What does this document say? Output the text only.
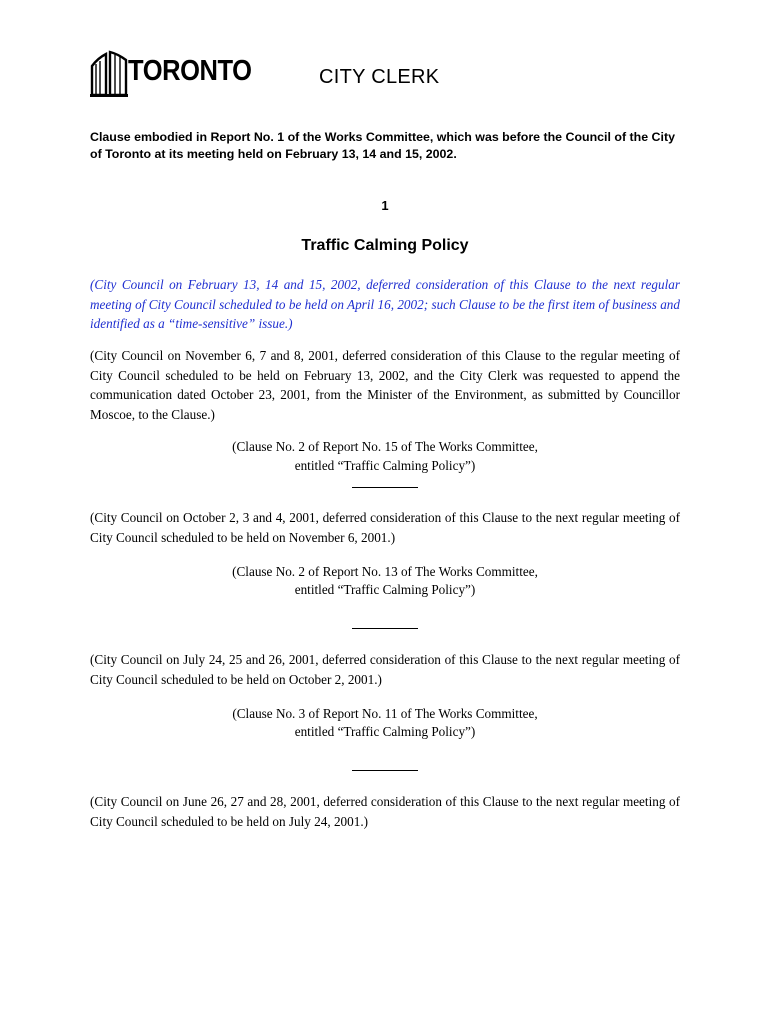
TORONTO	CITY CLERK

Clause embodied in Report No. 1 of the Works Committee, which was before the Council of the City of Toronto at its meeting held on February 13, 14 and 15, 2002.

1
Traffic Calming Policy

(City Council on February 13, 14 and 15, 2002, deferred consideration of this Clause to the next regular meeting of City Council scheduled to be held on April 16, 2002; such Clause to be the first item of business and identified as a “time-sensitive” issue.)

(City Council on November 6, 7 and 8, 2001, deferred consideration of this Clause to the regular meeting of City Council scheduled to be held on February 13, 2002, and the City Clerk was requested to append the communication dated October 23, 2001, from the Minister of the Environment, as submitted by Councillor Moscoe, to the Clause.)

(Clause No. 2 of Report No. 15 of The Works Committee,

entitled “Traffic Calming Policy”)

(City Council on October 2, 3 and 4, 2001, deferred consideration of this Clause to the next regular meeting of City Council scheduled to be held on November 6, 2001.)

(Clause No. 2 of Report No. 13 of The Works Committee,

entitled “Traffic Calming Policy”)

(City Council on July 24, 25 and 26, 2001, deferred consideration of this Clause to the next regular meeting of City Council scheduled to be held on October 2, 2001.)

(Clause No. 3 of Report No. 11 of The Works Committee,

entitled “Traffic Calming Policy”)

(City Council on June 26, 27 and 28, 2001, deferred consideration of this Clause to the next regular meeting of City Council scheduled to be held on July 24, 2001.)
